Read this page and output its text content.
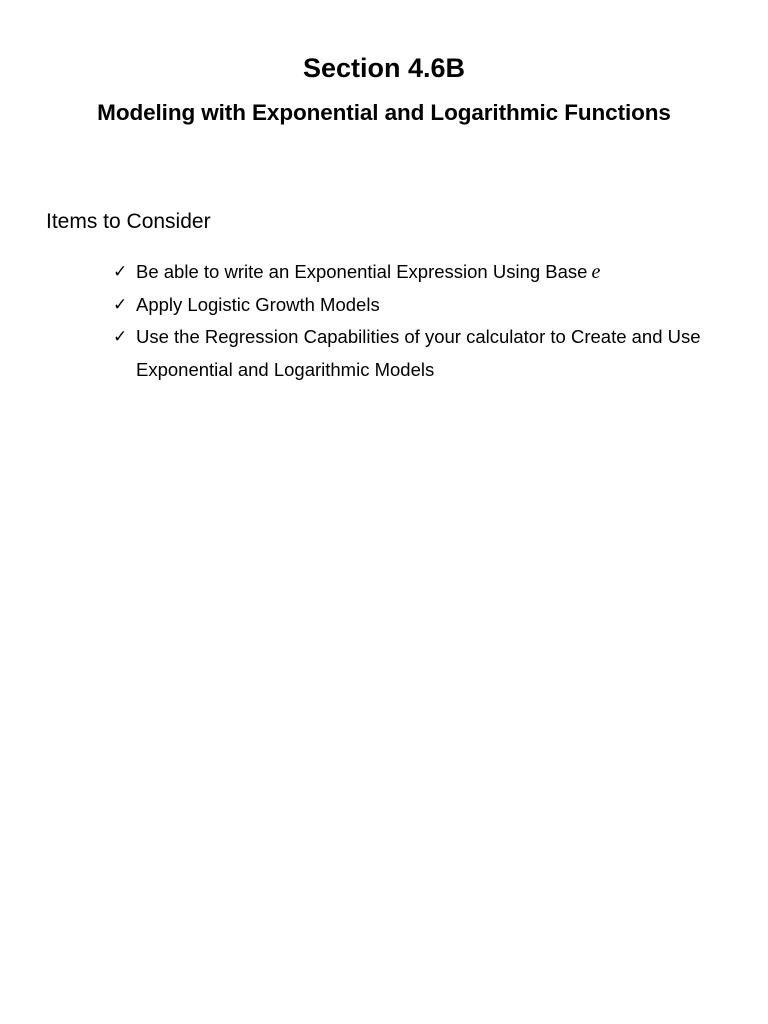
Section 4.6B
Modeling with Exponential and Logarithmic Functions
Items to Consider
✓ Be able to write an Exponential Expression Using Base e
✓ Apply Logistic Growth Models
✓ Use the Regression Capabilities of your calculator to Create and Use Exponential and Logarithmic Models
